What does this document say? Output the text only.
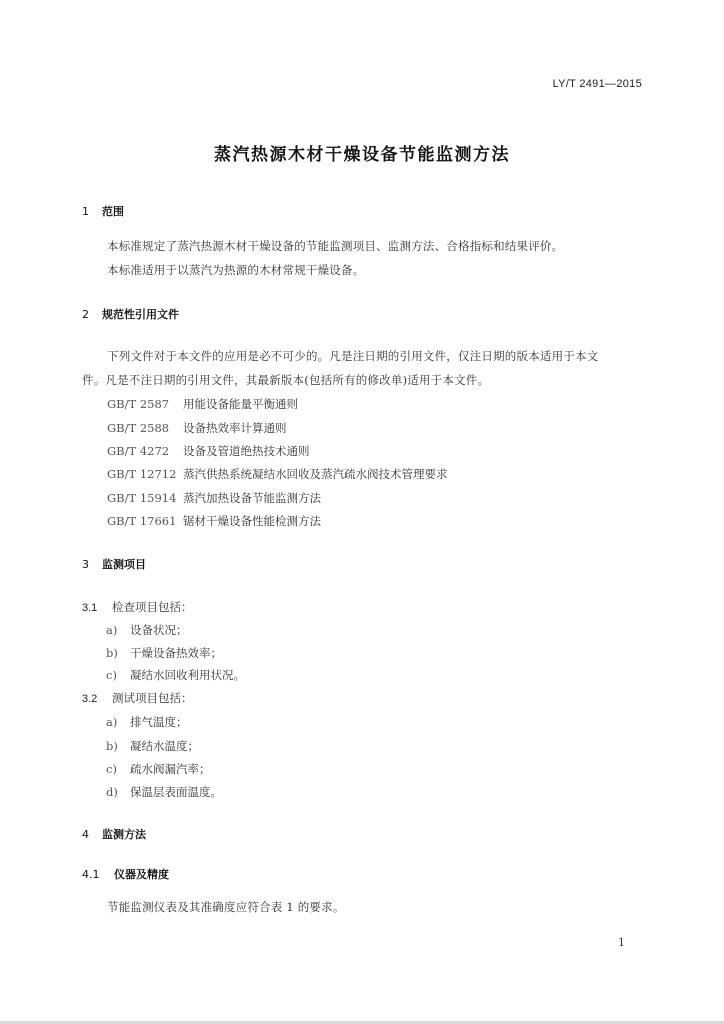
LY/T 2491—2015
蒸汽热源木材干燥设备节能监测方法
1 范围
本标准规定了蒸汽热源木材干燥设备的节能监测项目、监测方法、合格指标和结果评价。
本标准适用于以蒸汽为热源的木材常规干燥设备。
2 规范性引用文件
下列文件对于本文件的应用是必不可少的。凡是注日期的引用文件，仅注日期的版本适用于本文
件。凡是不注日期的引用文件，其最新版本(包括所有的修改单)适用于本文件。
GB/T 2587 用能设备能量平衡通则
GB/T 2588 设备热效率计算通则
GB/T 4272 设备及管道绝热技术通则
GB/T 12712 蒸汽供热系统凝结水回收及蒸汽疏水阀技术管理要求
GB/T 15914 蒸汽加热设备节能监测方法
GB/T 17661 锯材干燥设备性能检测方法
3 监测项目
3.1 检查项目包括：
a) 设备状况；
b) 干燥设备热效率；
c) 凝结水回收利用状况。
3.2 测试项目包括：
a) 排气温度；
b) 凝结水温度；
c) 疏水阀漏汽率；
d) 保温层表面温度。
4 监测方法
4.1 仪器及精度
节能监测仪表及其准确度应符合表 1 的要求。
1
